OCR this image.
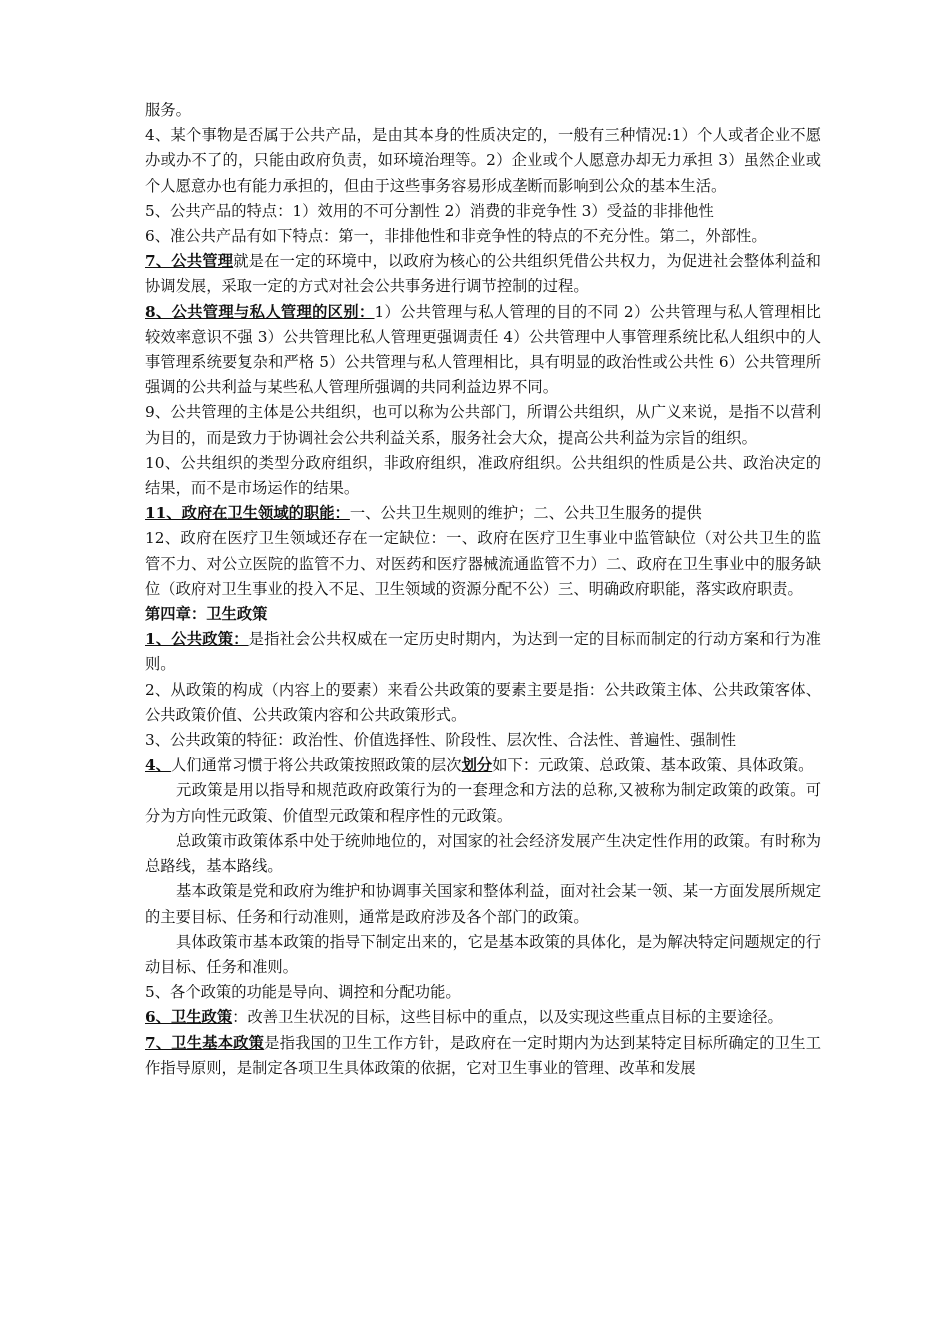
服务。

4、某个事物是否属于公共产品，是由其本身的性质决定的，一般有三种情况:1）个人或者企业不愿办或办不了的，只能由政府负责，如环境治理等。2）企业或个人愿意办却无力承担 3）虽然企业或个人愿意办也有能力承担的，但由于这些事务容易形成垄断而影响到公众的基本生活。

5、公共产品的特点：1）效用的不可分割性 2）消费的非竞争性 3）受益的非排他性

6、准公共产品有如下特点：第一，非排他性和非竞争性的特点的不充分性。第二，外部性。

7、公共管理就是在一定的环境中，以政府为核心的公共组织凭借公共权力，为促进社会整体利益和协调发展，采取一定的方式对社会公共事务进行调节控制的过程。

8、公共管理与私人管理的区别：1）公共管理与私人管理的目的不同 2）公共管理与私人管理相比较效率意识不强 3）公共管理比私人管理更强调责任 4）公共管理中人事管理系统比私人组织中的人事管理系统要复杂和严格 5）公共管理与私人管理相比，具有明显的政治性或公共性 6）公共管理所强调的公共利益与某些私人管理所强调的共同利益边界不同。

9、公共管理的主体是公共组织，也可以称为公共部门，所谓公共组织，从广义来说，是指不以营利为目的，而是致力于协调社会公共利益关系，服务社会大众，提高公共利益为宗旨的组织。

10、公共组织的类型分政府组织，非政府组织，准政府组织。公共组织的性质是公共、政治决定的结果，而不是市场运作的结果。

11、政府在卫生领域的职能：一、公共卫生规则的维护；二、公共卫生服务的提供

12、政府在医疗卫生领域还存在一定缺位：一、政府在医疗卫生事业中监管缺位（对公共卫生的监管不力、对公立医院的监管不力、对医药和医疗器械流通监管不力）二、政府在卫生事业中的服务缺位（政府对卫生事业的投入不足、卫生领域的资源分配不公）三、明确政府职能，落实政府职责。

第四章：卫生政策

1、公共政策：是指社会公共权威在一定历史时期内，为达到一定的目标而制定的行动方案和行为准则。

2、从政策的构成（内容上的要素）来看公共政策的要素主要是指：公共政策主体、公共政策客体、公共政策价值、公共政策内容和公共政策形式。

3、公共政策的特征：政治性、价值选择性、阶段性、层次性、合法性、普遍性、强制性

4、人们通常习惯于将公共政策按照政策的层次划分如下：元政策、总政策、基本政策、具体政策。

元政策是用以指导和规范政府政策行为的一套理念和方法的总称,又被称为制定政策的政策。可分为方向性元政策、价值型元政策和程序性的元政策。

总政策市政策体系中处于统帅地位的，对国家的社会经济发展产生决定性作用的政策。有时称为总路线，基本路线。

基本政策是党和政府为维护和协调事关国家和整体利益，面对社会某一领、某一方面发展所规定的主要目标、任务和行动准则，通常是政府涉及各个部门的政策。

具体政策市基本政策的指导下制定出来的，它是基本政策的具体化，是为解决特定问题规定的行动目标、任务和准则。

5、各个政策的功能是导向、调控和分配功能。

6、卫生政策：改善卫生状况的目标，这些目标中的重点，以及实现这些重点目标的主要途径。

7、卫生基本政策是指我国的卫生工作方针，是政府在一定时期内为达到某特定目标所确定的卫生工作指导原则，是制定各项卫生具体政策的依据，它对卫生事业的管理、改革和发展
